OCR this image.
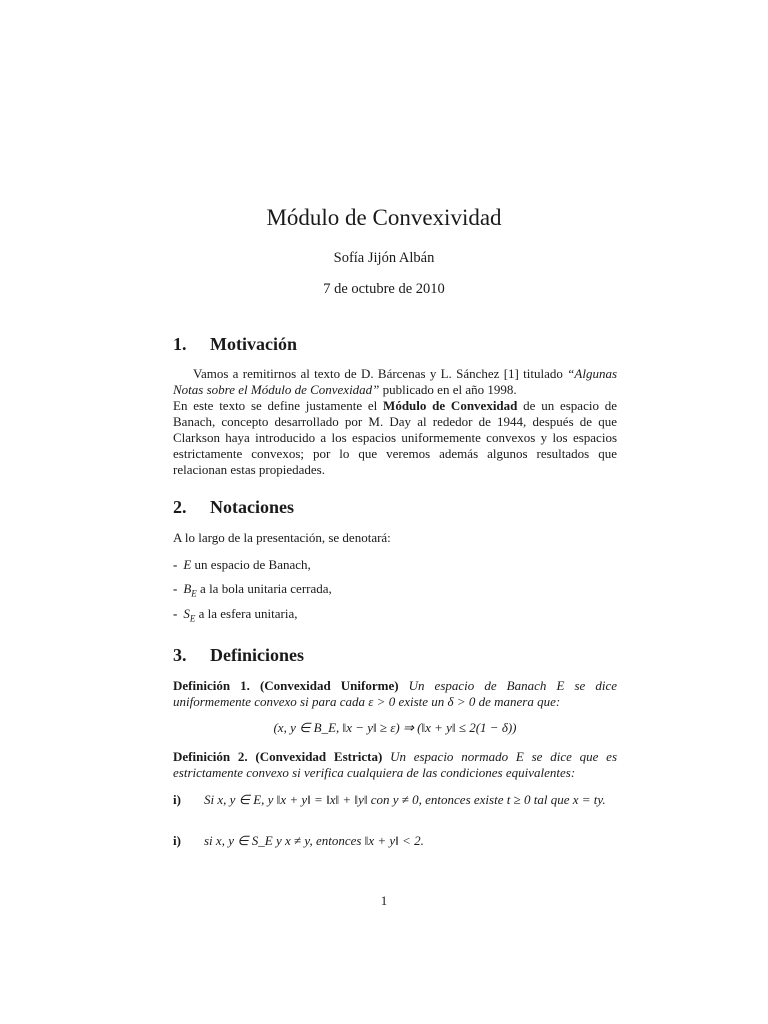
Módulo de Convexividad
Sofía Jijón Albán
7 de octubre de 2010
1. Motivación

Vamos a remitirnos al texto de D. Bárcenas y L. Sánchez [1] titulado “Algunas Notas sobre el Módulo de Convexidad” publicado en el año 1998.

En este texto se define justamente el Módulo de Convexidad de un espacio de Banach, concepto desarrollado por M. Day al rededor de 1944, después de que Clarkson haya introducido a los espacios uniformemente convexos y los espacios estrictamente convexos; por lo que veremos además algunos resultados que relacionan estas propiedades.

2. Notaciones

A lo largo de la presentación, se denotará:

- E un espacio de Banach,
- $B_E$ a la bola unitaria cerrada,
- $S_E$ a la esfera unitaria,
3. Definiciones

Definición 1. (Convexidad Uniforme) Un espacio de Banach E se dice uniformemente convexo si para cada ε > 0 existe un δ > 0 de manera que:

(x, y ∈ B_E, ‖x − y‖ ≥ ε) ⇒ (‖x + y‖ ≤ 2(1 − δ))

Definición 2. (Convexidad Estricta) Un espacio normado E se dice que es estrictamente convexo si verifica cualquiera de las condiciones equivalentes:

i)	Si x, y ∈ E, y ‖x + y‖ = ‖x‖ + ‖y‖ con y ≠ 0, entonces existe t ≥ 0 tal que x = ty.
i)	si x, y ∈ S_E y x ≠ y, entonces ‖x + y‖ < 2.
1
